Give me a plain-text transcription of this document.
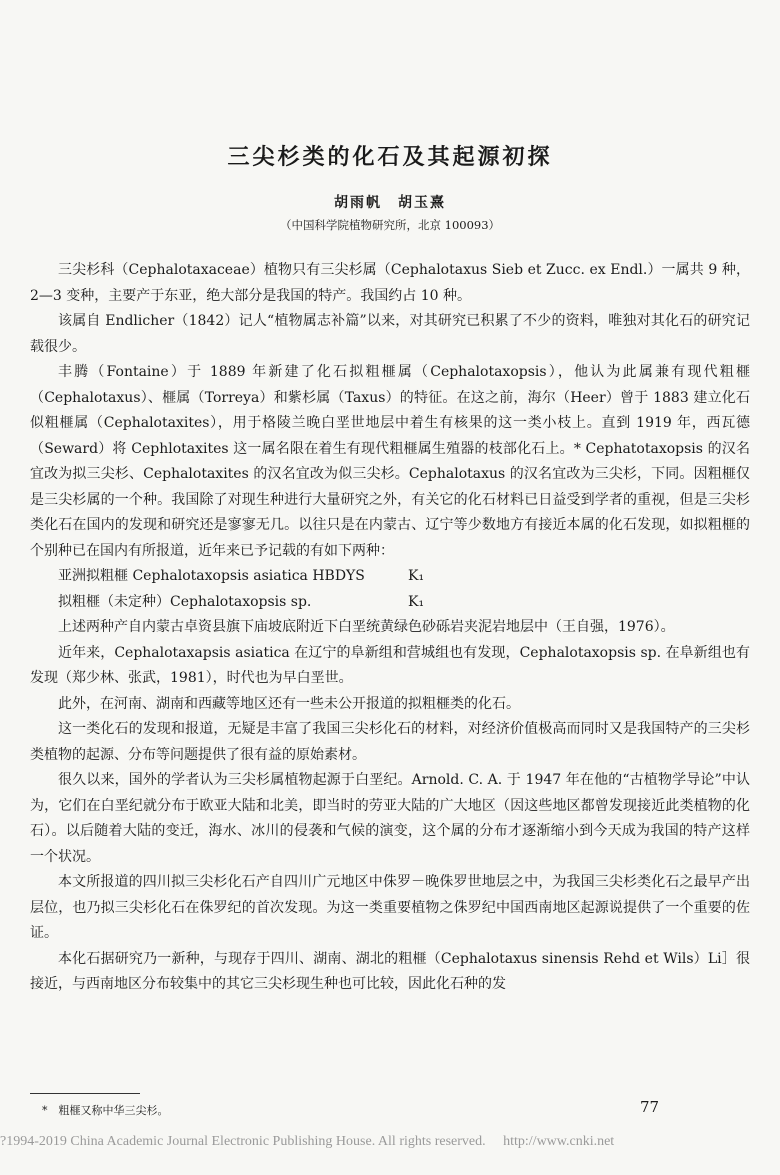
三尖杉类的化石及其起源初探
胡雨帆　胡玉熹
（中国科学院植物研究所，北京 100093）

三尖杉科（Cephalotaxaceae）植物只有三尖杉属（Cephalotaxus Sieb et Zucc. ex Endl.）一属共 9 种，2—3 变种，主要产于东亚，绝大部分是我国的特产。我国约占 10 种。

该属自 Endlicher（1842）记人“植物属志补篇”以来，对其研究已积累了不少的资料，唯独对其化石的研究记载很少。

丰腾（Fontaine）于 1889 年新建了化石拟粗榧属（Cephalotaxopsis），他认为此属兼有现代粗榧（Cephalotaxus）、榧属（Torreya）和紫杉属（Taxus）的特征。在这之前，海尔（Heer）曾于 1883 建立化石似粗榧属（Cephalotaxites），用于格陵兰晚白垩世地层中着生有核果的这一类小枝上。直到 1919 年，西瓦德（Seward）将 Cephlotaxites 这一属名限在着生有现代粗榧属生殖器的枝部化石上。* Cephatotaxopsis 的汉名宜改为拟三尖杉、Cephalotaxites 的汉名宜改为似三尖杉。Cephalotaxus 的汉名宜改为三尖杉，下同。因粗榧仅是三尖杉属的一个种。我国除了对现生种进行大量研究之外，有关它的化石材料已日益受到学者的重视，但是三尖杉类化石在国内的发现和研究还是寥寥无几。以往只是在内蒙古、辽宁等少数地方有接近本属的化石发现，如拟粗榧的个别种已在国内有所报道，近年来已予记载的有如下两种：

亚洲拟粗榧 Cephalotaxopsis asiatica HBDYS	K₁

拟粗榧（未定种）Cephalotaxopsis sp.	K₁

上述两种产自内蒙古卓资县旗下庙坡底附近下白垩统黄绿色砂砾岩夹泥岩地层中（王自强，1976）。

近年来，Cephalotaxapsis asiatica 在辽宁的阜新组和营城组也有发现，Cephalotaxopsis sp. 在阜新组也有发现（郑少林、张武，1981），时代也为早白垩世。

此外，在河南、湖南和西藏等地区还有一些未公开报道的拟粗榧类的化石。

这一类化石的发现和报道，无疑是丰富了我国三尖杉化石的材料，对经济价值极高而同时又是我国特产的三尖杉类植物的起源、分布等问题提供了很有益的原始素材。

很久以来，国外的学者认为三尖杉属植物起源于白垩纪。Arnold. C. A. 于 1947 年在他的“古植物学导论”中认为，它们在白垩纪就分布于欧亚大陆和北美，即当时的劳亚大陆的广大地区（因这些地区都曾发现接近此类植物的化石）。以后随着大陆的变迁，海水、冰川的侵袭和气候的演变，这个属的分布才逐渐缩小到今天成为我国的特产这样一个状况。

本文所报道的四川拟三尖杉化石产自四川广元地区中侏罗－晚侏罗世地层之中，为我国三尖杉类化石之最早产出层位，也乃拟三尖杉化石在侏罗纪的首次发现。为这一类重要植物之侏罗纪中国西南地区起源说提供了一个重要的佐证。

本化石据研究乃一新种，与现存于四川、湖南、湖北的粗榧（Cephalotaxus sinensis Rehd et Wils）Li］很接近，与西南地区分布较集中的其它三尖杉现生种也可比较，因此化石种的发

*　粗榧又称中华三尖杉。	77
?1994-2019 China Academic Journal Electronic Publishing House. All rights reserved.　 http://www.cnki.net
